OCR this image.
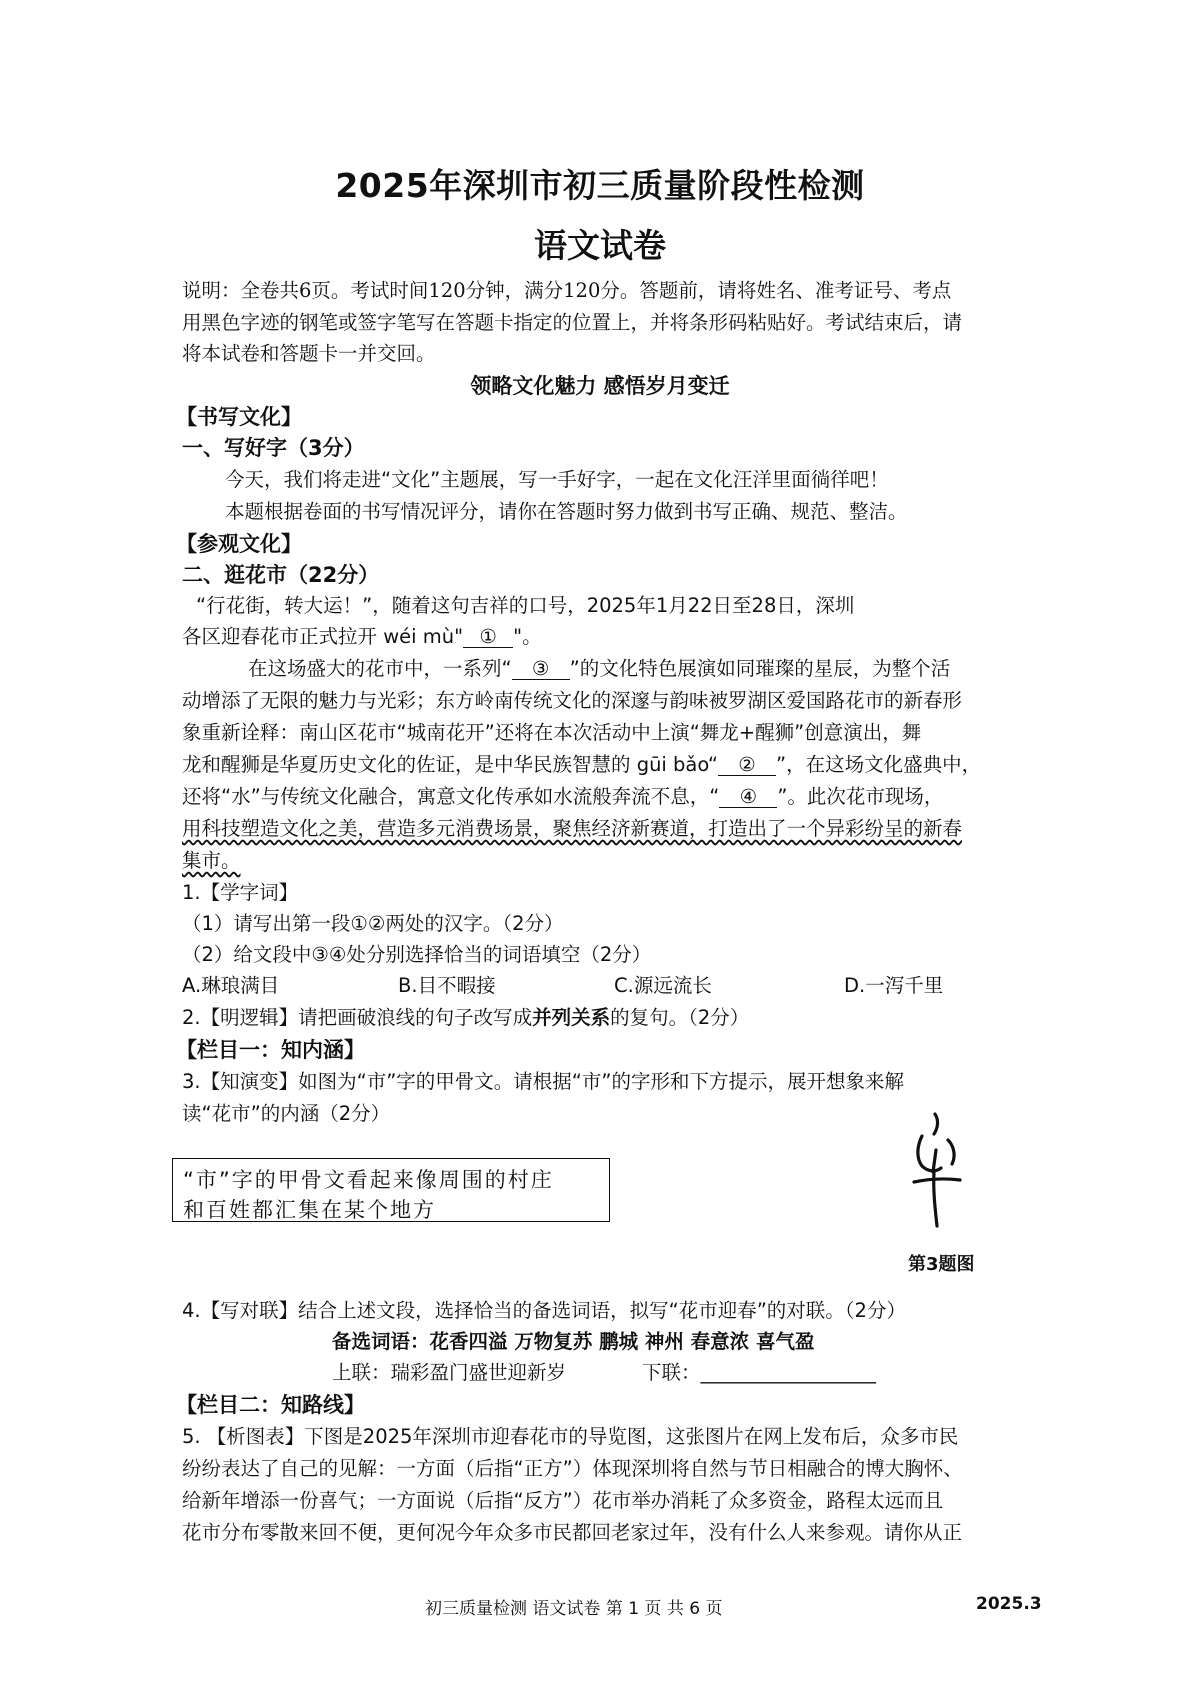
2025年深圳市初三质量阶段性检测
语文试卷
说明：全卷共6页。考试时间120分钟，满分120分。答题前，请将姓名、准考证号、考点
用黑色字迹的钢笔或签字笔写在答题卡指定的位置上，并将条形码粘贴好。考试结束后，请
将本试卷和答题卡一并交回。
领略文化魅力 感悟岁月变迁
【书写文化】
一、写好字（3分）
今天，我们将走进“文化”主题展，写一手好字，一起在文化汪洋里面徜徉吧！
本题根据卷面的书写情况评分，请你在答题时努力做到书写正确、规范、整洁。
【参观文化】
二、逛花市（22分）
“行花街，转大运！”，随着这句吉祥的口号，2025年1月22日至28日，深圳
各区迎春花市正式拉开 wéi mù" ① "。
在这场盛大的花市中，一系列“ ③ ”的文化特色展演如同璀璨的星辰，为整个活
动增添了无限的魅力与光彩；东方岭南传统文化的深邃与韵味被罗湖区爱国路花市的新春形
象重新诠释：南山区花市“城南花开”还将在本次活动中上演“舞龙+醒狮”创意演出，舞
龙和醒狮是华夏历史文化的佐证，是中华民族智慧的 gūi bǎo“ ② ”，在这场文化盛典中，
还将“水”与传统文化融合，寓意文化传承如水流般奔流不息，“ ④ ”。此次花市现场，
用科技塑造文化之美，营造多元消费场景，聚焦经济新赛道，打造出了一个异彩纷呈的新春
集市。
1.【学字词】
（1）请写出第一段①②两处的汉字。（2分）
（2）给文段中③④处分别选择恰当的词语填空（2分）
A.琳琅满目	B.目不暇接	C.源远流长	D.一泻千里
2.【明逻辑】请把画破浪线的句子改写成并列关系的复句。（2分）
【栏目一：知内涵】
3.【知演变】如图为“市”字的甲骨文。请根据“市”的字形和下方提示，展开想象来解
读“花市”的内涵（2分）
“市”字的甲骨文看起来像周围的村庄
和百姓都汇集在某个地方
第3题图
4.【写对联】结合上述文段，选择恰当的备选词语，拟写“花市迎春”的对联。（2分）
备选词语：花香四溢 万物复苏 鹏城 神州 春意浓 喜气盈
上联：瑞彩盈门盛世迎新岁	下联：__________________
【栏目二：知路线】
5. 【析图表】下图是2025年深圳市迎春花市的导览图，这张图片在网上发布后，众多市民
纷纷表达了自己的见解：一方面（后指“正方”）体现深圳将自然与节日相融合的博大胸怀、
给新年增添一份喜气；一方面说（后指“反方”）花市举办消耗了众多资金，路程太远而且
花市分布零散来回不便，更何况今年众多市民都回老家过年，没有什么人来参观。请你从正
初三质量检测 语文试卷 第 1 页 共 6 页	2025.3
